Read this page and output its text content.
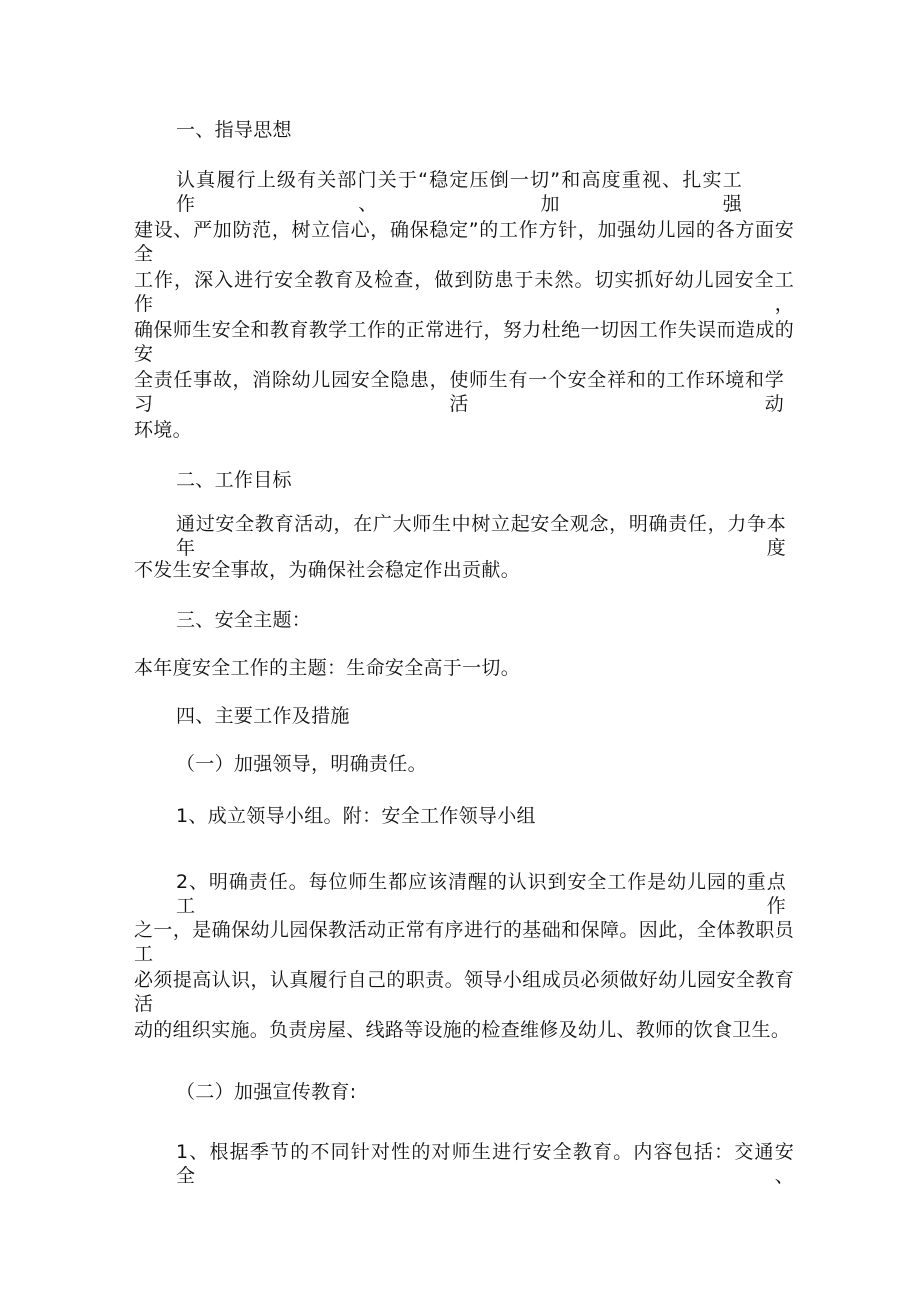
一、指导思想
认真履行上级有关部门关于“稳定压倒一切”和高度重视、扎实工作、加强
建设、严加防范，树立信心，确保稳定”的工作方针，加强幼儿园的各方面安全
工作，深入进行安全教育及检查，做到防患于未然。切实抓好幼儿园安全工作，
确保师生安全和教育教学工作的正常进行，努力杜绝一切因工作失误而造成的安
全责任事故，消除幼儿园安全隐患，使师生有一个安全祥和的工作环境和学习活动
环境。
二、工作目标
通过安全教育活动，在广大师生中树立起安全观念，明确责任，力争本年度
不发生安全事故，为确保社会稳定作出贡献。
三、安全主题：
本年度安全工作的主题：生命安全高于一切。
四、主要工作及措施
（一）加强领导，明确责任。
1、成立领导小组。附：安全工作领导小组
2、明确责任。每位师生都应该清醒的认识到安全工作是幼儿园的重点工作
之一，是确保幼儿园保教活动正常有序进行的基础和保障。因此，全体教职员工
必须提高认识，认真履行自己的职责。领导小组成员必须做好幼儿园安全教育活
动的组织实施。负责房屋、线路等设施的检查维修及幼儿、教师的饮食卫生。
（二）加强宣传教育:
1、根据季节的不同针对性的对师生进行安全教育。内容包括：交通安全、
